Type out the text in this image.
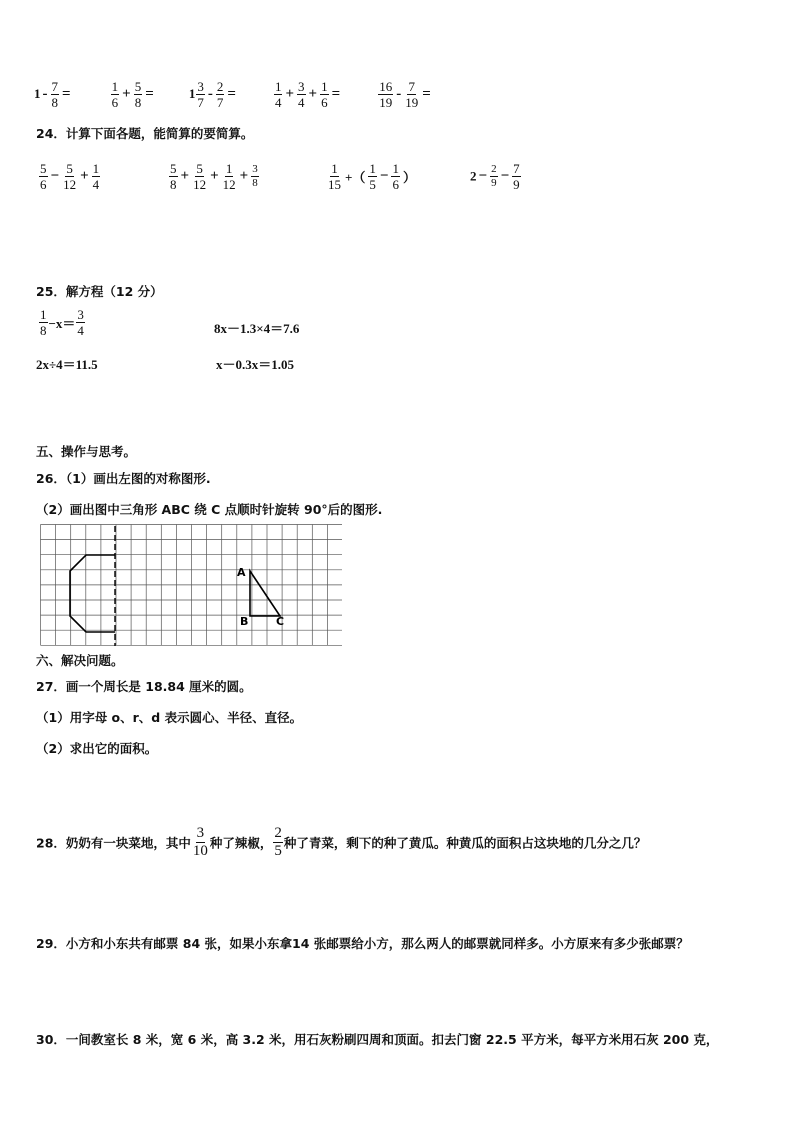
$1 - \frac{7}{8}$ =	$\frac{1}{6} + \frac{5}{8}$ =	$1 \frac{3}{7} - \frac{2}{7}$ =	$\frac{1}{4} + \frac{3}{4} + \frac{1}{6}$ =	$\frac{16}{19} - \frac{7}{19}$ =
24．计算下面各题，能简算的要简算。
$\frac{5}{6} - \frac{5}{12} + \frac{1}{4}$	$\frac{5}{8} + \frac{5}{12} + \frac{1}{12} + \frac{3}{8}$	$\frac{1}{15}$ +（ $\frac{1}{5} - \frac{1}{6}$ ）	$2 - \frac{2}{9} - \frac{7}{9}$
25．解方程（12 分）
$\frac{1}{8} -x= \frac{3}{4}$	8x－1.3×4＝7.6
2x÷4＝11.5	x－0.3x＝1.05
五、操作与思考。
26．（1）画出左图的对称图形.
（2）画出图中三角形 ABC 绕 C 点顺时针旋转 90°后的图形.
A
B	C
六、解决问题。
27．画一个周长是 18.84 厘米的圆。
（1）用字母 o、r、d 表示圆心、半径、直径。
（2）求出它的面积。
28．奶奶有一块菜地，其中 $\frac{3}{10}$ 种了辣椒， $\frac{2}{5}$ 种了青菜，剩下的种了黄瓜。种黄瓜的面积占这块地的几分之几？
29．小方和小东共有邮票 84 张，如果小东拿14 张邮票给小方，那么两人的邮票就同样多。小方原来有多少张邮票？
30．一间教室长 8 米，宽 6 米，高 3.2 米，用石灰粉刷四周和顶面。扣去门窗 22.5 平方米，每平方米用石灰 200 克，
